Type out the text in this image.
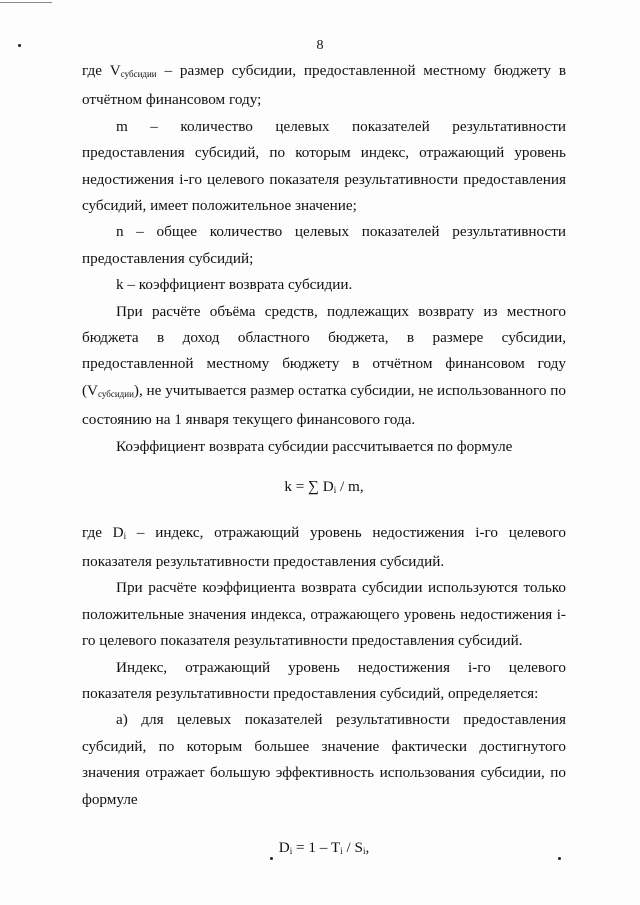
8

где $V_{субсидии}$ – размер субсидии, предоставленной местному бюджету в отчётном финансовом году;

m – количество целевых показателей результативности предоставления субсидий, по которым индекс, отражающий уровень недостижения i-го целевого показателя результативности предоставления субсидий, имеет положительное значение;

n – общее количество целевых показателей результативности предоставления субсидий;

k – коэффициент возврата субсидии.

При расчёте объёма средств, подлежащих возврату из местного бюджета в доход областного бюджета, в размере субсидии, предоставленной местному бюджету в отчётном финансовом году $(V_{субсидии})$, не учитывается размер остатка субсидии, не использованного по состоянию на 1 января текущего финансового года.

Коэффициент возврата субсидии рассчитывается по формуле

k = ∑ $D_i$ / m,

где $D_i$ – индекс, отражающий уровень недостижения i-го целевого показателя результативности предоставления субсидий.

При расчёте коэффициента возврата субсидии используются только положительные значения индекса, отражающего уровень недостижения i-го целевого показателя результативности предоставления субсидий.

Индекс, отражающий уровень недостижения i-го целевого показателя результативности предоставления субсидий, определяется:

а) для целевых показателей результативности предоставления субсидий, по которым большее значение фактически достигнутого значения отражает большую эффективность использования субсидии, по формуле

$D_i = 1 - T_i / S_i$,
